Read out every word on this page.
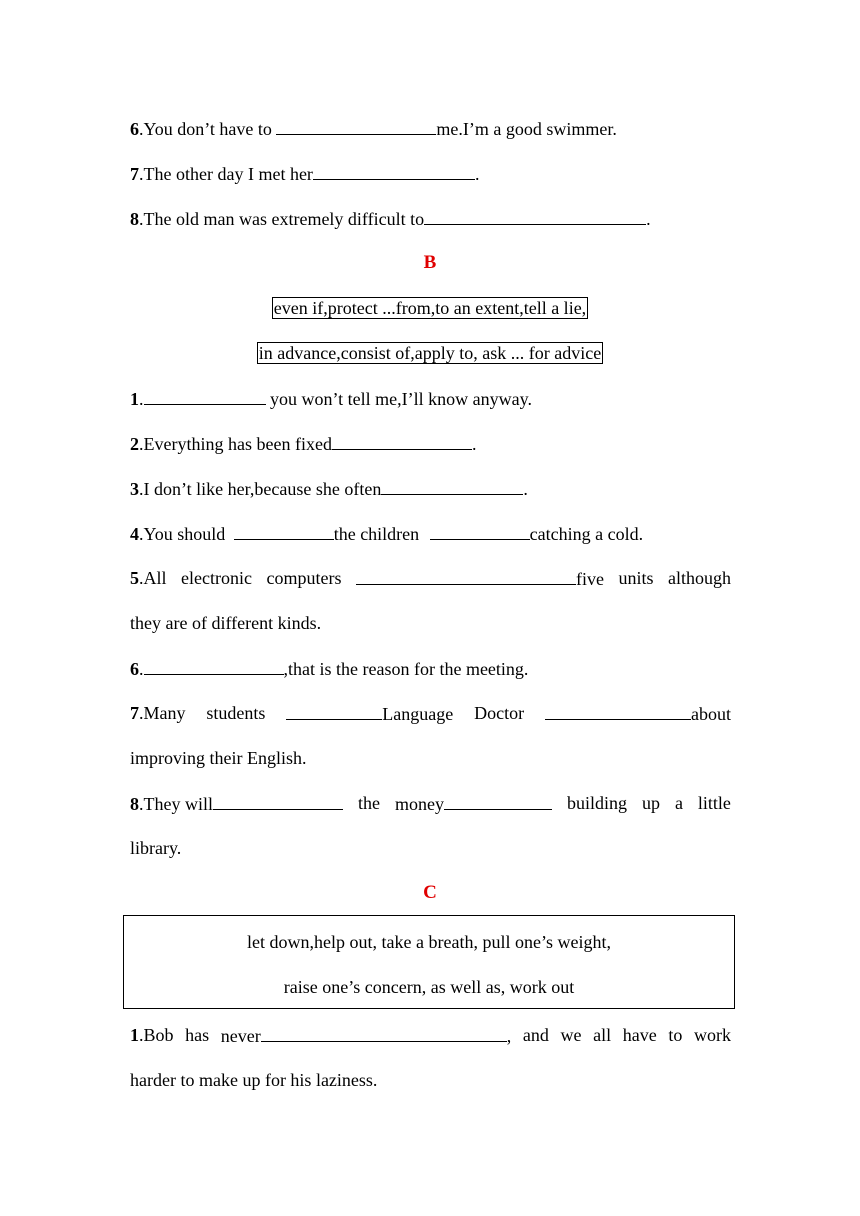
6.You don’t have to	me.I’m a good swimmer.
7.The other day I met her	.
8.The old man was extremely difficult to	.
B
even if,protect ...from,to an extent,tell a lie,
in advance,consist of,apply to, ask ... for advice
1.	you won’t tell me,I’ll know anyway.
2.Everything has been fixed	.
3.I don’t like her,because she often	.
4.You should	the children	catching a cold.
5.All electronic computers	five units although
they are of different kinds.
6.	,that is the reason for the meeting.
7.Many students	Language Doctor	about
improving their English.
8.They will	the money	building up a little
library.
C
let down,help out, take a breath, pull one’s weight,
raise one’s concern, as well as, work out
1.Bob has never	, and we all have to work
harder to make up for his laziness.
